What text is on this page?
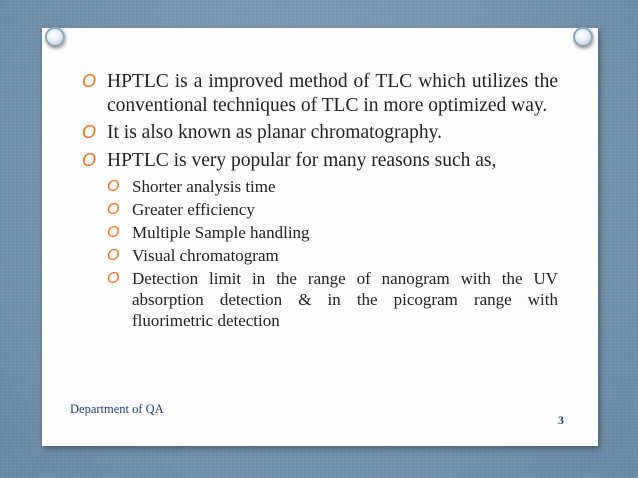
O HPTLC is a improved method of TLC which utilizes the conventional techniques of TLC in more optimized way.
O It is also known as planar chromatography.
O HPTLC is very popular for many reasons such as,
O Shorter analysis time
O Greater efficiency
O Multiple Sample handling
O Visual chromatogram
O Detection limit in the range of nanogram with the UV absorption detection & in the picogram range with fluorimetric detection
Department of QA
3
